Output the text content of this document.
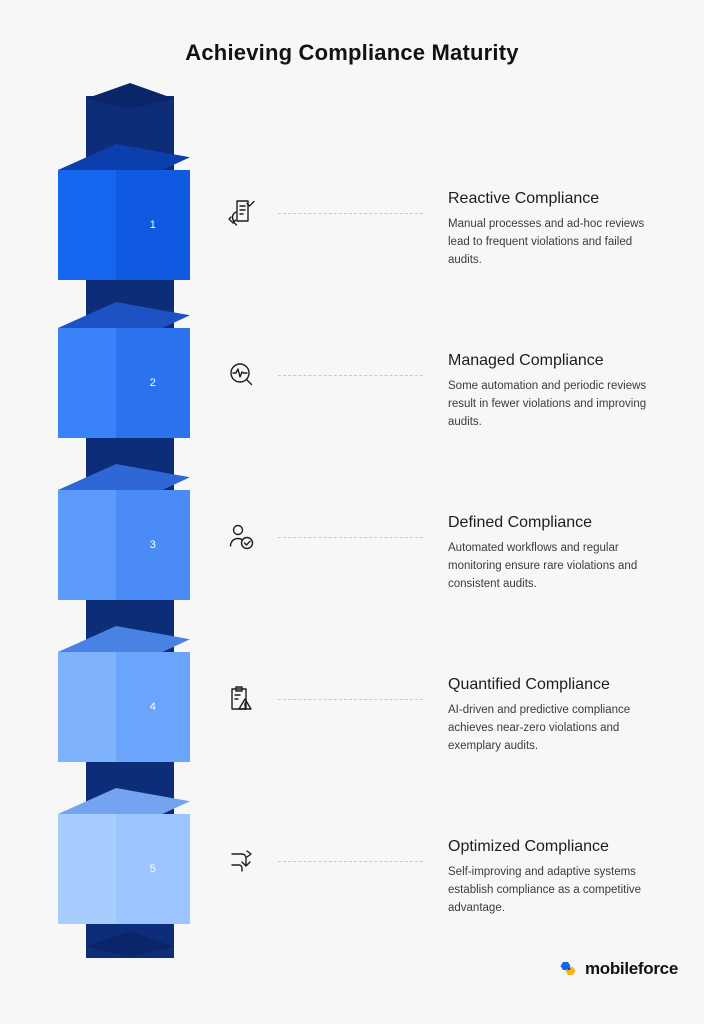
Achieving Compliance Maturity
1
2
3
4
5
Reactive Compliance
Manual processes and ad-hoc reviews lead to frequent violations and failed audits.
Managed Compliance
Some automation and periodic reviews result in fewer violations and improving audits.
Defined Compliance
Automated workflows and regular monitoring ensure rare violations and consistent audits.
Quantified Compliance
AI-driven and predictive compliance achieves near-zero violations and exemplary audits.
Optimized Compliance
Self-improving and adaptive systems establish compliance as a competitive advantage.
mobileforce
